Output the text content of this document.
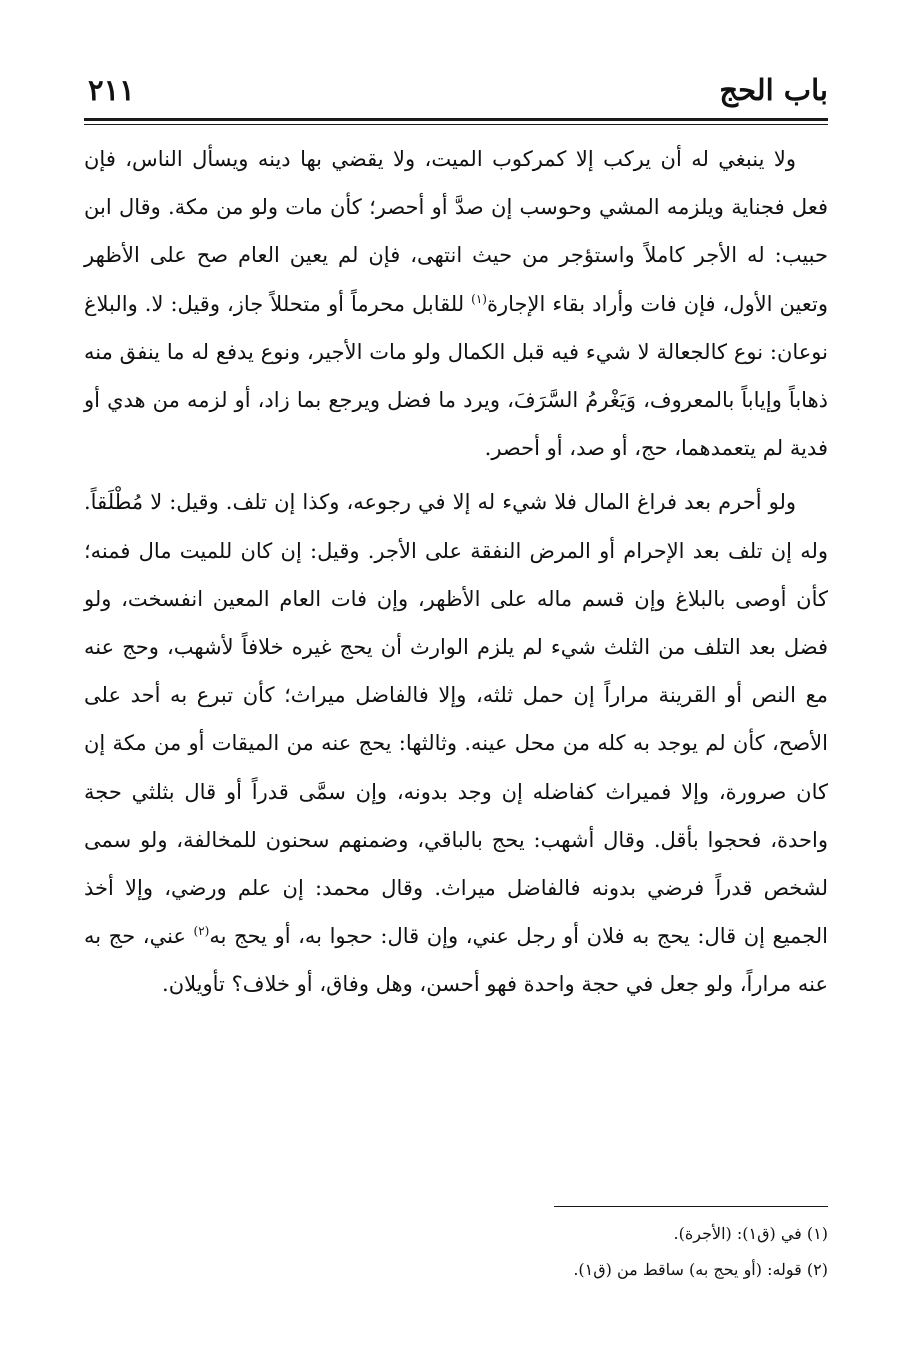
باب الحج
٢١١

ولا ينبغي له أن يركب إلا كمركوب الميت، ولا يقضي بها دينه ويسأل الناس، فإن فعل فجناية ويلزمه المشي وحوسب إن صدَّ أو أحصر؛ كأن مات ولو من مكة. وقال ابن حبيب: له الأجر كاملاً واستؤجر من حيث انتهى، فإن لم يعين العام صح على الأظهر وتعين الأول، فإن فات وأراد بقاء الإجارة$^{(١)}$ للقابل محرماً أو متحللاً جاز، وقيل: لا. والبلاغ نوعان: نوع كالجعالة لا شيء فيه قبل الكمال ولو مات الأجير، ونوع يدفع له ما ينفق منه ذهاباً وإياباً بالمعروف، وَيَغْرمُ السَّرَفَ، ويرد ما فضل ويرجع بما زاد، أو لزمه من هدي أو فدية لم يتعمدهما، حج، أو صد، أو أحصر.

ولو أحرم بعد فراغ المال فلا شيء له إلا في رجوعه، وكذا إن تلف. وقيل: لا مُطْلَقاً. وله إن تلف بعد الإحرام أو المرض النفقة على الأجر. وقيل: إن كان للميت مال فمنه؛ كأن أوصى بالبلاغ وإن قسم ماله على الأظهر، وإن فات العام المعين انفسخت، ولو فضل بعد التلف من الثلث شيء لم يلزم الوارث أن يحج غيره خلافاً لأشهب، وحج عنه مع النص أو القرينة مراراً إن حمل ثلثه، وإلا فالفاضل ميراث؛ كأن تبرع به أحد على الأصح، كأن لم يوجد به كله من محل عينه. وثالثها: يحج عنه من الميقات أو من مكة إن كان صرورة، وإلا فميراث كفاضله إن وجد بدونه، وإن سمَّى قدراً أو قال بثلثي حجة واحدة، فحجوا بأقل. وقال أشهب: يحج بالباقي، وضمنهم سحنون للمخالفة، ولو سمى لشخص قدراً فرضي بدونه فالفاضل ميراث. وقال محمد: إن علم ورضي، وإلا أخذ الجميع إن قال: يحج به فلان أو رجل عني، وإن قال: حجوا به، أو يحج به$^{(٢)}$ عني، حج به عنه مراراً، ولو جعل في حجة واحدة فهو أحسن، وهل وفاق، أو خلاف؟ تأويلان.

(١) في (ق١): (الأجرة).

(٢) قوله: (أو يحج به) ساقط من (ق١).
